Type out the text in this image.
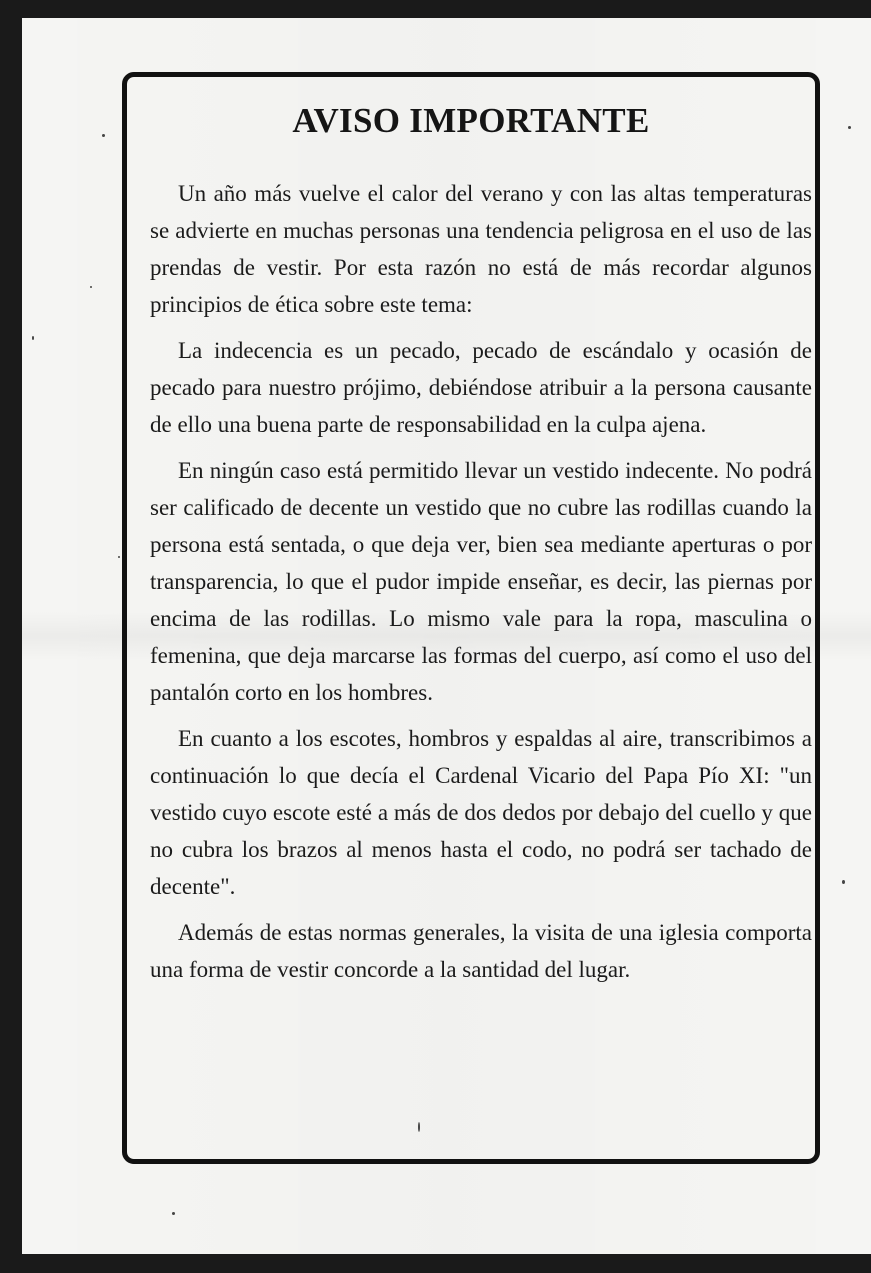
AVISO IMPORTANTE

Un año más vuelve el calor del verano y con las altas temperaturas se advierte en muchas personas una tendencia peligrosa en el uso de las prendas de vestir. Por esta razón no está de más recordar algunos principios de ética sobre este tema:

La indecencia es un pecado, pecado de escándalo y ocasión de pecado para nuestro prójimo, debiéndose atribuir a la persona causante de ello una buena parte de responsabilidad en la culpa ajena.

En ningún caso está permitido llevar un vestido indecente. No podrá ser calificado de decente un vestido que no cubre las rodillas cuando la persona está sentada, o que deja ver, bien sea mediante aperturas o por transparencia, lo que el pudor impide enseñar, es decir, las piernas por encima de las rodillas. Lo mismo vale para la ropa, masculina o femenina, que deja marcarse las formas del cuerpo, así como el uso del pantalón corto en los hombres.

En cuanto a los escotes, hombros y espaldas al aire, transcribimos a continuación lo que decía el Cardenal Vicario del Papa Pío XI: "un vestido cuyo escote esté a más de dos dedos por debajo del cuello y que no cubra los brazos al menos hasta el codo, no podrá ser tachado de decente".

Además de estas normas generales, la visita de una iglesia comporta una forma de vestir concorde a la santidad del lugar.
